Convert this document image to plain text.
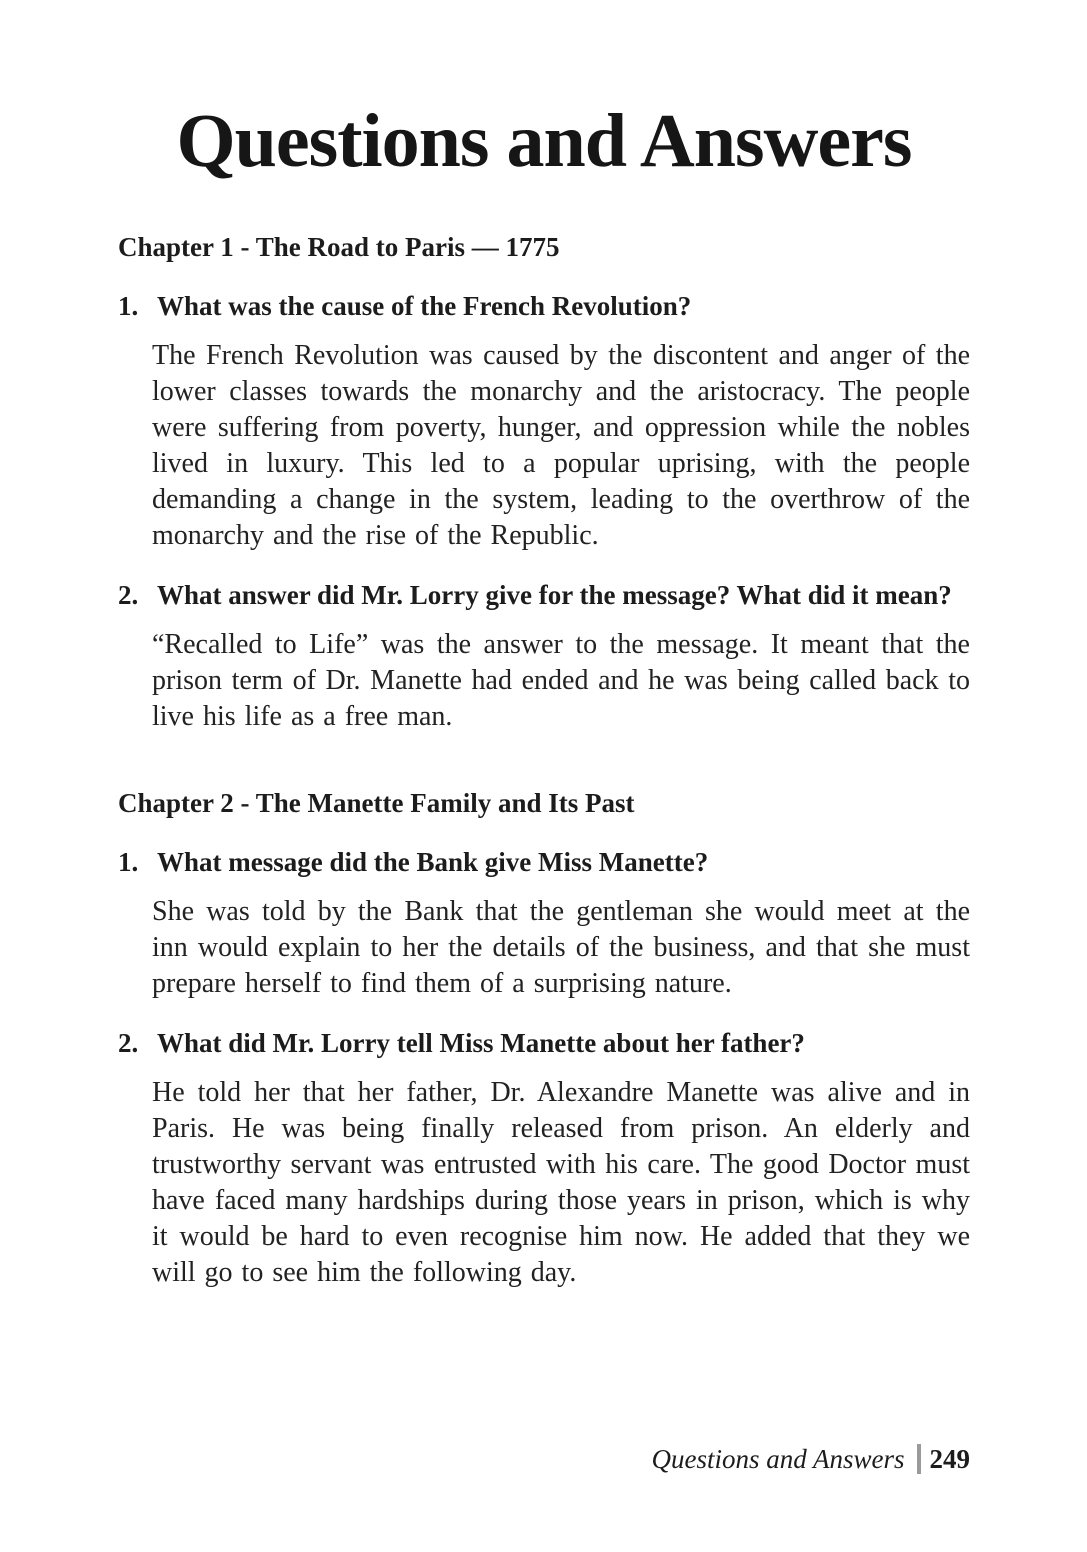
Questions and Answers
Chapter 1 - The Road to Paris — 1775
1. What was the cause of the French Revolution?

The French Revolution was caused by the discontent and anger of the lower classes towards the monarchy and the aristocracy. The people were suffering from poverty, hunger, and oppression while the nobles lived in luxury. This led to a popular uprising, with the people demanding a change in the system, leading to the overthrow of the monarchy and the rise of the Republic.

2. What answer did Mr. Lorry give for the message? What did it mean?

“Recalled to Life” was the answer to the message. It meant that the prison term of Dr. Manette had ended and he was being called back to live his life as a free man.

Chapter 2 - The Manette Family and Its Past
1. What message did the Bank give Miss Manette?

She was told by the Bank that the gentleman she would meet at the inn would explain to her the details of the business, and that she must prepare herself to find them of a surprising nature.

2. What did Mr. Lorry tell Miss Manette about her father?

He told her that her father, Dr. Alexandre Manette was alive and in Paris. He was being finally released from prison. An elderly and trustworthy servant was entrusted with his care. The good Doctor must have faced many hardships during those years in prison, which is why it would be hard to even recognise him now. He added that they we will go to see him the following day.

Questions and Answers 249
